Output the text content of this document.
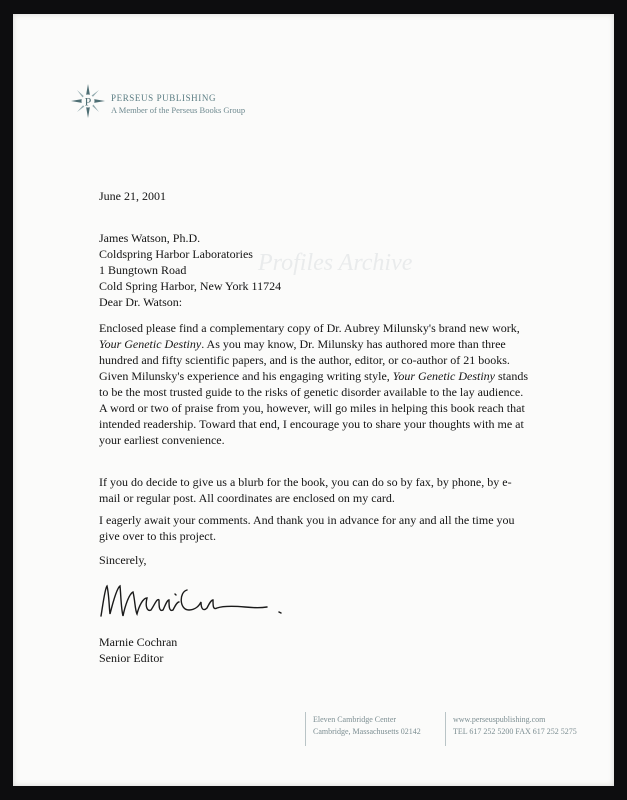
P PERSEUS PUBLISHING
A Member of the Perseus Books Group
Profiles Archive
June 21, 2001
James Watson, Ph.D.
Coldspring Harbor Laboratories
1 Bungtown Road
Cold Spring Harbor, New York 11724
Dear Dr. Watson:
Enclosed please find a complementary copy of Dr. Aubrey Milunsky's brand new work,
Your Genetic Destiny. As you may know, Dr. Milunsky has authored more than three
hundred and fifty scientific papers, and is the author, editor, or co-author of 21 books.
Given Milunsky's experience and his engaging writing style, Your Genetic Destiny stands
to be the most trusted guide to the risks of genetic disorder available to the lay audience.
A word or two of praise from you, however, will go miles in helping this book reach that
intended readership. Toward that end, I encourage you to share your thoughts with me at
your earliest convenience.
If you do decide to give us a blurb for the book, you can do so by fax, by phone, by e-
mail or regular post. All coordinates are enclosed on my card.
I eagerly await your comments. And thank you in advance for any and all the time you
give over to this project.
Sincerely,
Marnie Cochran
Senior Editor
Eleven Cambridge Center
Cambridge, Massachusetts 02142
www.perseuspublishing.com
TEL 617 252 5200 FAX 617 252 5275
